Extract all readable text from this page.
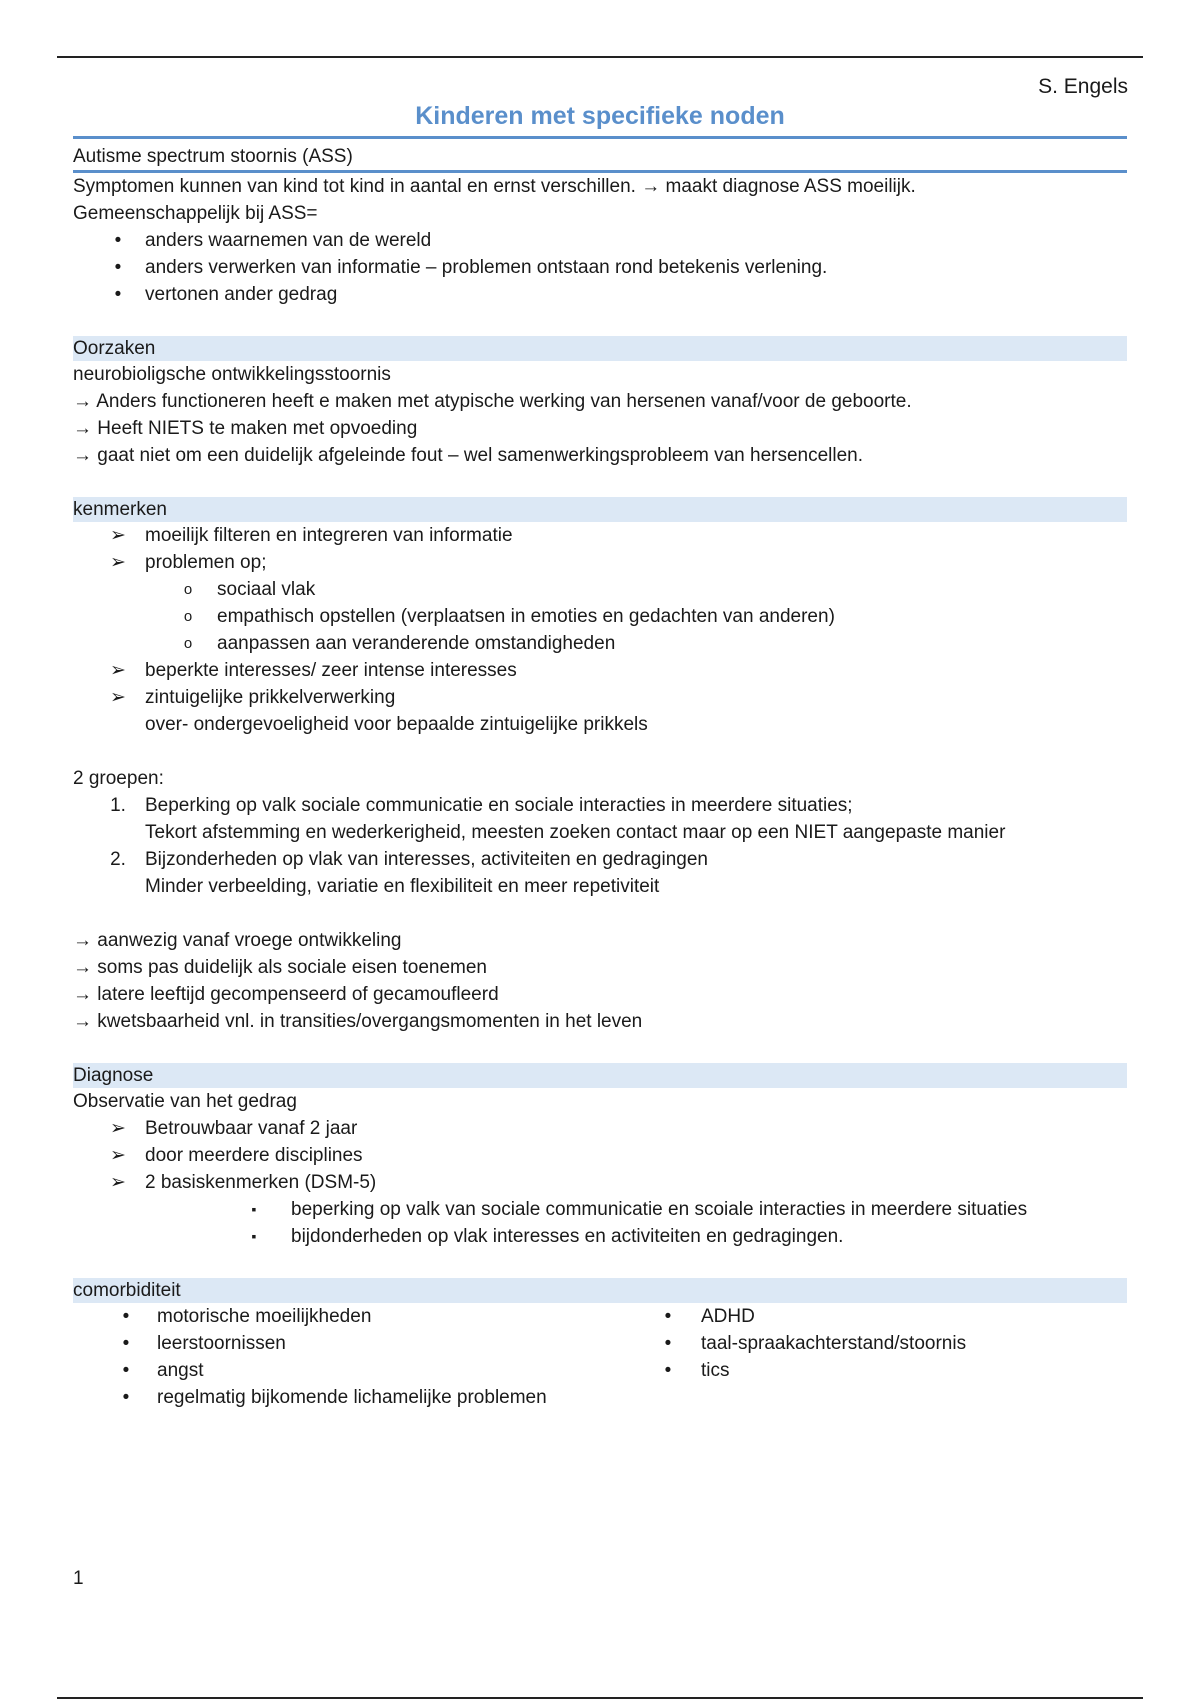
S. Engels
Kinderen met specifieke noden
Autisme spectrum stoornis (ASS)
Symptomen kunnen van kind tot kind in aantal en ernst verschillen. → maakt diagnose ASS moeilijk.
Gemeenschappelijk bij ASS=
•	anders waarnemen van de wereld
•	anders verwerken van informatie – problemen ontstaan rond betekenis verlening.
•	vertonen ander gedrag
Oorzaken
neurobioligsche ontwikkelingsstoornis
→ Anders functioneren heeft e maken met atypische werking van hersenen vanaf/voor de geboorte.
→ Heeft NIETS te maken met opvoeding
→ gaat niet om een duidelijk afgeleinde fout – wel samenwerkingsprobleem van hersencellen.
kenmerken
➢	moeilijk filteren en integreren van informatie
➢	problemen op;
o	sociaal vlak
o	empathisch opstellen (verplaatsen in emoties en gedachten van anderen)
o	aanpassen aan veranderende omstandigheden
➢	beperkte interesses/ zeer intense interesses
➢	zintuigelijke prikkelverwerking
over- ondergevoeligheid voor bepaalde zintuigelijke prikkels
2 groepen:
1.	Beperking op valk sociale communicatie en sociale interacties in meerdere situaties;
Tekort afstemming en wederkerigheid, meesten zoeken contact maar op een NIET aangepaste manier
2.	Bijzonderheden op vlak van interesses, activiteiten en gedragingen
Minder verbeelding, variatie en flexibiliteit en meer repetiviteit
→ aanwezig vanaf vroege ontwikkeling
→ soms pas duidelijk als sociale eisen toenemen
→ latere leeftijd gecompenseerd of gecamoufleerd
→ kwetsbaarheid vnl. in transities/overgangsmomenten in het leven
Diagnose
Observatie van het gedrag
➢	Betrouwbaar vanaf 2 jaar
➢	door meerdere disciplines
➢	2 basiskenmerken (DSM-5)
▪	beperking op valk van sociale communicatie en scoiale interacties in meerdere situaties
▪	bijdonderheden op vlak interesses en activiteiten en gedragingen.
comorbiditeit
•	motorische moeilijkheden
•	leerstoornissen
•	angst
•	regelmatig bijkomende lichamelijke problemen
•	ADHD
•	taal-spraakachterstand/stoornis
•	tics
1
